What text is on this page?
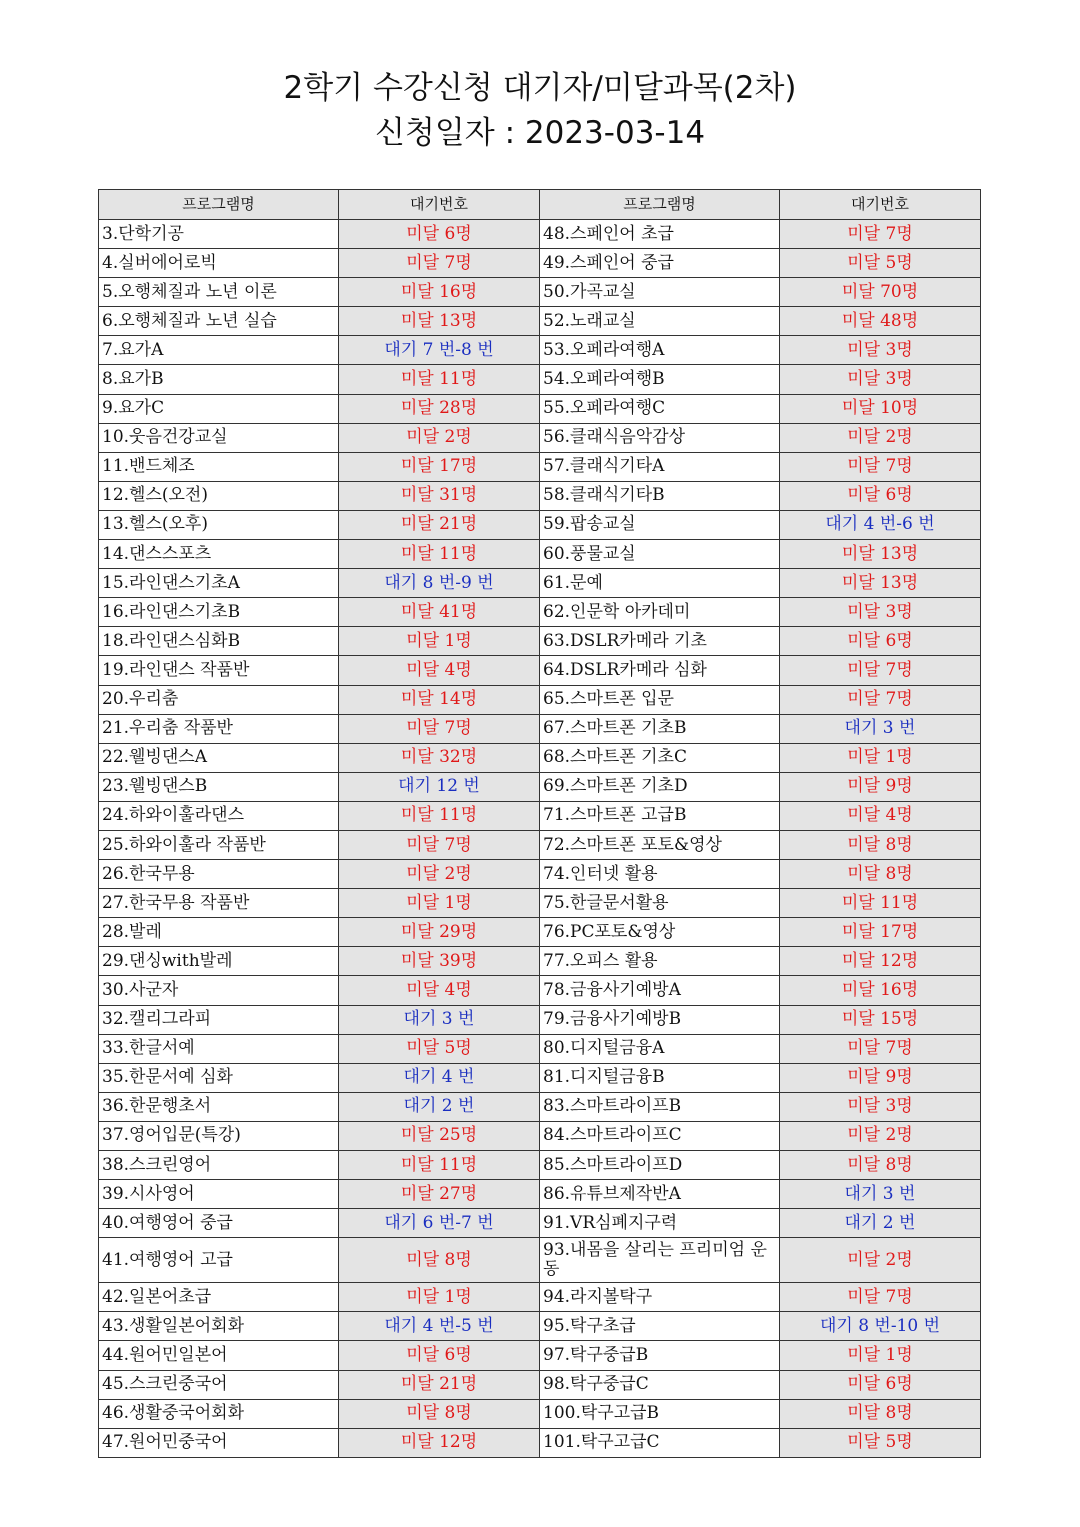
2학기 수강신청 대기자/미달과목(2차)
신청일자 : 2023-03-14
프로그램명	대기번호	프로그램명	대기번호
3.단학기공	미달 6명	48.스페인어 초급	미달 7명
4.실버에어로빅	미달 7명	49.스페인어 중급	미달 5명
5.오행체질과 노년 이론	미달 16명	50.가곡교실	미달 70명
6.오행체질과 노년 실습	미달 13명	52.노래교실	미달 48명
7.요가A	대기 7 번-8 번	53.오페라여행A	미달 3명
8.요가B	미달 11명	54.오페라여행B	미달 3명
9.요가C	미달 28명	55.오페라여행C	미달 10명
10.웃음건강교실	미달 2명	56.클래식음악감상	미달 2명
11.밴드체조	미달 17명	57.클래식기타A	미달 7명
12.헬스(오전)	미달 31명	58.클래식기타B	미달 6명
13.헬스(오후)	미달 21명	59.팝송교실	대기 4 번-6 번
14.댄스스포츠	미달 11명	60.풍물교실	미달 13명
15.라인댄스기초A	대기 8 번-9 번	61.문예	미달 13명
16.라인댄스기초B	미달 41명	62.인문학 아카데미	미달 3명
18.라인댄스심화B	미달 1명	63.DSLR카메라 기초	미달 6명
19.라인댄스 작품반	미달 4명	64.DSLR카메라 심화	미달 7명
20.우리춤	미달 14명	65.스마트폰 입문	미달 7명
21.우리춤 작품반	미달 7명	67.스마트폰 기초B	대기 3 번
22.웰빙댄스A	미달 32명	68.스마트폰 기초C	미달 1명
23.웰빙댄스B	대기 12 번	69.스마트폰 기초D	미달 9명
24.하와이훌라댄스	미달 11명	71.스마트폰 고급B	미달 4명
25.하와이훌라 작품반	미달 7명	72.스마트폰 포토&영상	미달 8명
26.한국무용	미달 2명	74.인터넷 활용	미달 8명
27.한국무용 작품반	미달 1명	75.한글문서활용	미달 11명
28.발레	미달 29명	76.PC포토&영상	미달 17명
29.댄싱with발레	미달 39명	77.오피스 활용	미달 12명
30.사군자	미달 4명	78.금융사기예방A	미달 16명
32.캘리그라피	대기 3 번	79.금융사기예방B	미달 15명
33.한글서예	미달 5명	80.디지털금융A	미달 7명
35.한문서예 심화	대기 4 번	81.디지털금융B	미달 9명
36.한문행초서	대기 2 번	83.스마트라이프B	미달 3명
37.영어입문(특강)	미달 25명	84.스마트라이프C	미달 2명
38.스크린영어	미달 11명	85.스마트라이프D	미달 8명
39.시사영어	미달 27명	86.유튜브제작반A	대기 3 번
40.여행영어 중급	대기 6 번-7 번	91.VR심폐지구력	대기 2 번
41.여행영어 고급	미달 8명	93.내몸을 살리는 프리미엄 운동	미달 2명
42.일본어초급	미달 1명	94.라지볼탁구	미달 7명
43.생활일본어회화	대기 4 번-5 번	95.탁구초급	대기 8 번-10 번
44.원어민일본어	미달 6명	97.탁구중급B	미달 1명
45.스크린중국어	미달 21명	98.탁구중급C	미달 6명
46.생활중국어회화	미달 8명	100.탁구고급B	미달 8명
47.원어민중국어	미달 12명	101.탁구고급C	미달 5명
